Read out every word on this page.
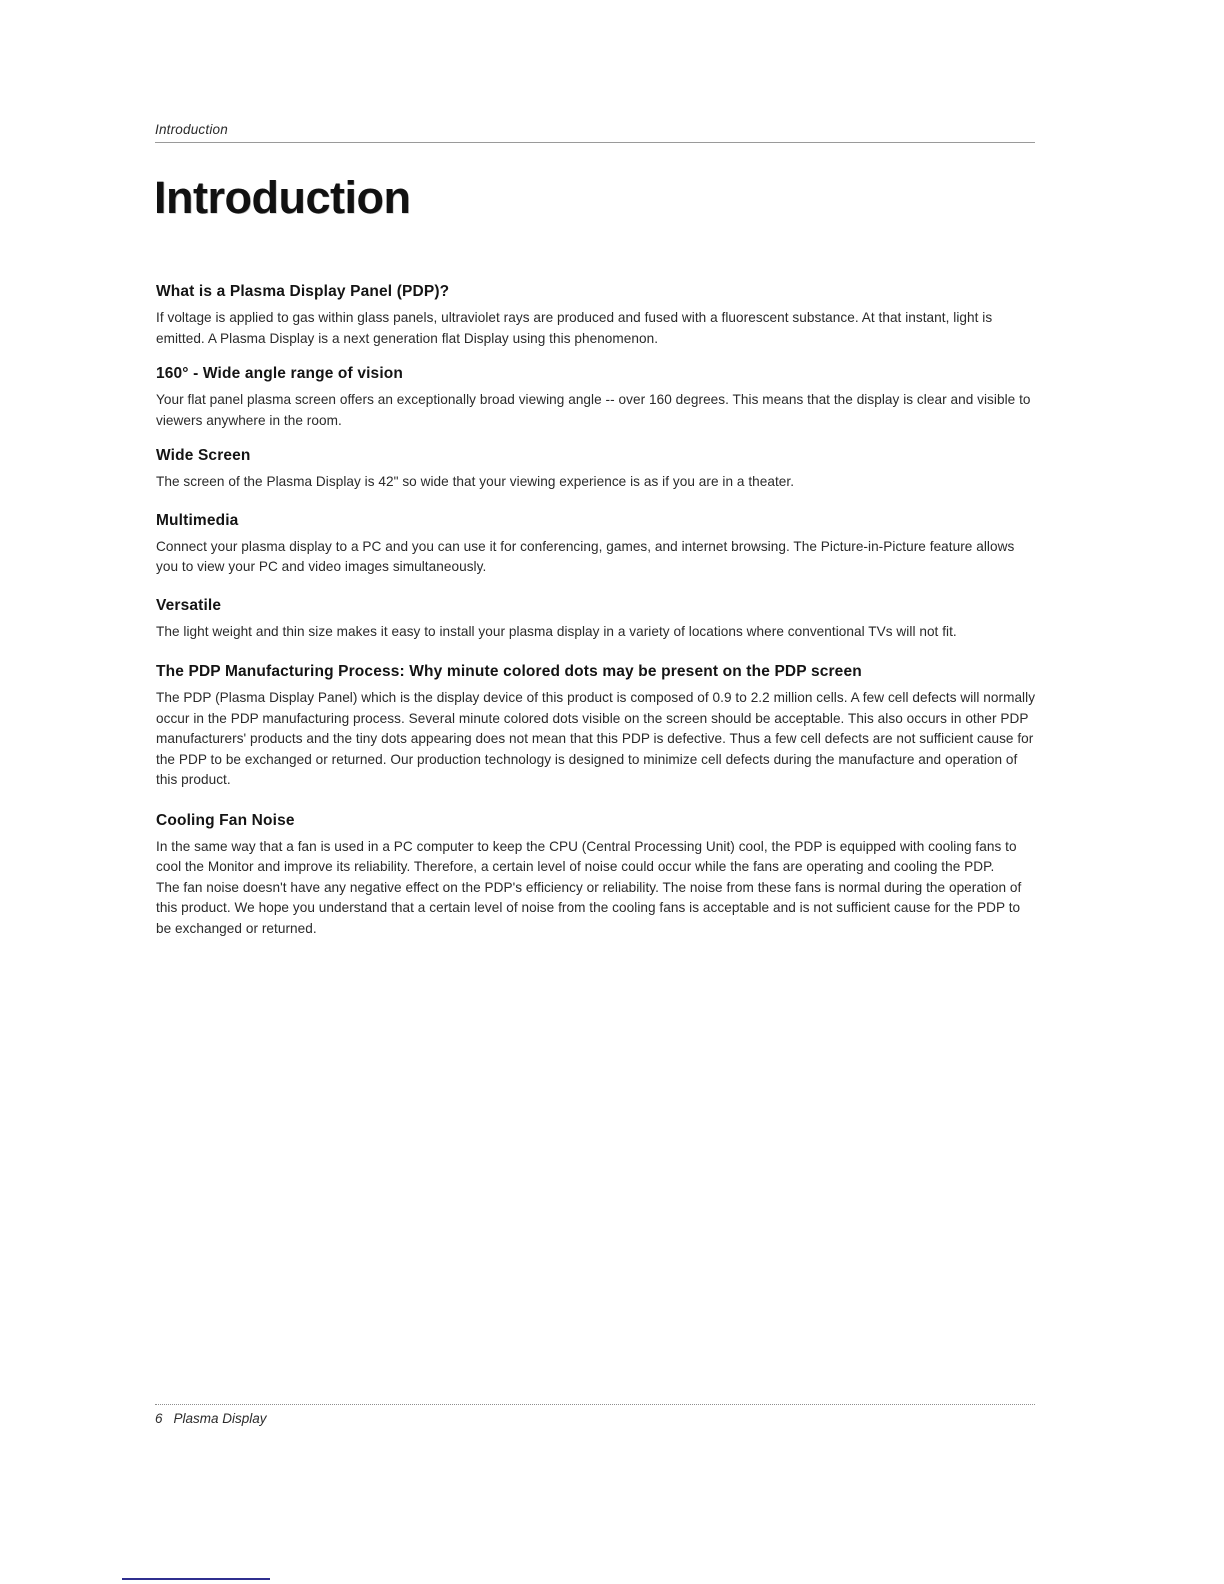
Introduction
Introduction
What is a Plasma Display Panel (PDP)?

If voltage is applied to gas within glass panels, ultraviolet rays are produced and fused with a fluorescent substance. At that instant, light is emitted. A Plasma Display is a next generation flat Display using this phenomenon.

160° - Wide angle range of vision

Your flat panel plasma screen offers an exceptionally broad viewing angle -- over 160 degrees. This means that the display is clear and visible to viewers anywhere in the room.

Wide Screen

The screen of the Plasma Display is 42" so wide that your viewing experience is as if you are in a theater.

Multimedia

Connect your plasma display to a PC and you can use it for conferencing, games, and internet browsing. The Picture-in-Picture feature allows you to view your PC and video images simultaneously.

Versatile

The light weight and thin size makes it easy to install your plasma display in a variety of locations where conventional TVs will not fit.

The PDP Manufacturing Process: Why minute colored dots may be present on the PDP screen

The PDP (Plasma Display Panel) which is the display device of this product is composed of 0.9 to 2.2 million cells. A few cell defects will normally occur in the PDP manufacturing process. Several minute colored dots visible on the screen should be acceptable. This also occurs in other PDP manufacturers' products and the tiny dots appearing does not mean that this PDP is defective. Thus a few cell defects are not sufficient cause for the PDP to be exchanged or returned. Our production technology is designed to minimize cell defects during the manufacture and operation of this product.

Cooling Fan Noise

In the same way that a fan is used in a PC computer to keep the CPU (Central Processing Unit) cool, the PDP is equipped with cooling fans to cool the Monitor and improve its reliability. Therefore, a certain level of noise could occur while the fans are operating and cooling the PDP.

The fan noise doesn't have any negative effect on the PDP's efficiency or reliability. The noise from these fans is normal during the operation of this product. We hope you understand that a certain level of noise from the cooling fans is acceptable and is not sufficient cause for the PDP to be exchanged or returned.

6 Plasma Display
